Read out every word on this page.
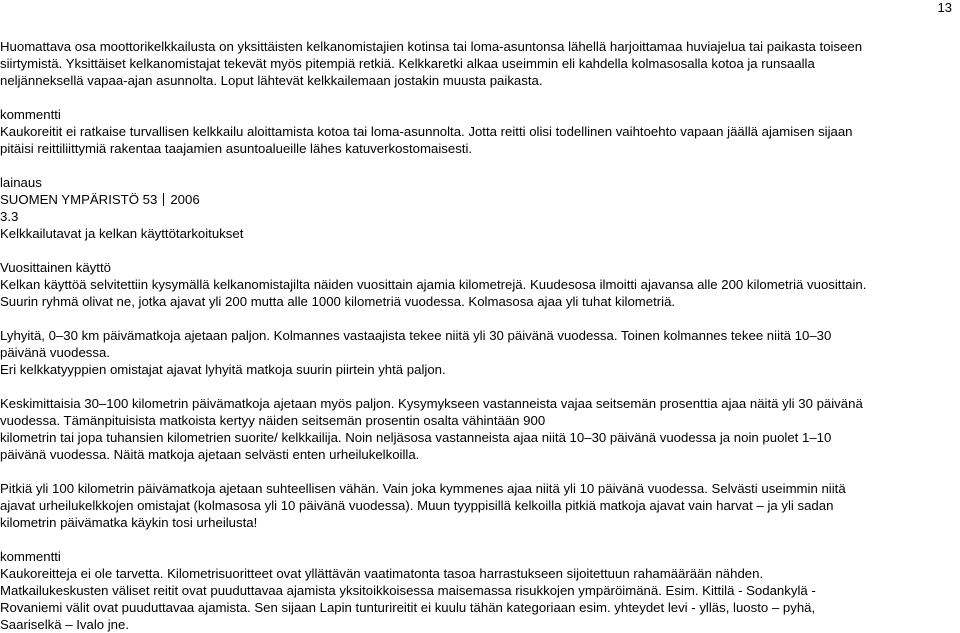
13

Huomattava osa moottorikelkkailusta on yksittäisten kelkanomistajien kotinsa tai loma-asuntonsa lähellä harjoittamaa huviajelua tai paikasta toiseen
siirtymistä. Yksittäiset kelkanomistajat tekevät myös pitempiä retkiä. Kelkkaretki alkaa useimmin eli kahdella kolmasosalla kotoa ja runsaalla
neljänneksellä vapaa-ajan asunnolta. Loput lähtevät kelkkailemaan jostakin muusta paikasta.

kommentti

Kaukoreitit ei ratkaise turvallisen kelkkailu aloittamista kotoa tai loma-asunnolta. Jotta reitti olisi todellinen vaihtoehto vapaan jäällä ajamisen sijaan
pitäisi reittiliittymiä rakentaa taajamien asuntoalueille lähes katuverkostomaisesti.

lainaus

SUOMEN YMPÄRISTÖ 53 2006

3.3

Kelkkailutavat ja kelkan käyttötarkoitukset

Vuosittainen käyttö

Kelkan käyttöä selvitettiin kysymällä kelkanomistajilta näiden vuosittain ajamia kilometrejä. Kuudesosa ilmoitti ajavansa alle 200 kilometriä vuosittain.
Suurin ryhmä olivat ne, jotka ajavat yli 200 mutta alle 1000 kilometriä vuodessa. Kolmasosa ajaa yli tuhat kilometriä.

Lyhyitä, 0–30 km päivämatkoja ajetaan paljon. Kolmannes vastaajista tekee niitä yli 30 päivänä vuodessa. Toinen kolmannes tekee niitä 10–30
päivänä vuodessa.
Eri kelkkatyyppien omistajat ajavat lyhyitä matkoja suurin piirtein yhtä paljon.

Keskimittaisia 30–100 kilometrin päivämatkoja ajetaan myös paljon. Kysymykseen vastanneista vajaa seitsemän prosenttia ajaa näitä yli 30 päivänä
vuodessa. Tämänpituisista matkoista kertyy näiden seitsemän prosentin osalta vähintään 900
kilometrin tai jopa tuhansien kilometrien suorite/ kelkkailija. Noin neljäsosa vastanneista ajaa niitä 10–30 päivänä vuodessa ja noin puolet 1–10
päivänä vuodessa. Näitä matkoja ajetaan selvästi enten urheilukelkoilla.

Pitkiä yli 100 kilometrin päivämatkoja ajetaan suhteellisen vähän. Vain joka kymmenes ajaa niitä yli 10 päivänä vuodessa. Selvästi useimmin niitä
ajavat urheilukelkkojen omistajat (kolmasosa yli 10 päivänä vuodessa). Muun tyyppisillä kelkoilla pitkiä matkoja ajavat vain harvat – ja yli sadan
kilometrin päivämatka käykin tosi urheilusta!

kommentti

Kaukoreitteja ei ole tarvetta. Kilometrisuoritteet ovat yllättävän vaatimatonta tasoa harrastukseen sijoitettuun rahamäärään nähden.
Matkailukeskusten väliset reitit ovat puuduttavaa ajamista yksitoikkoisessa maisemassa risukkojen ympäröimänä. Esim. Kittilä - Sodankylä -
Rovaniemi välit ovat puuduttavaa ajamista. Sen sijaan Lapin tunturireitit ei kuulu tähän kategoriaan esim. yhteydet levi - ylläs, luosto – pyhä,
Saariselkä – Ivalo jne.
